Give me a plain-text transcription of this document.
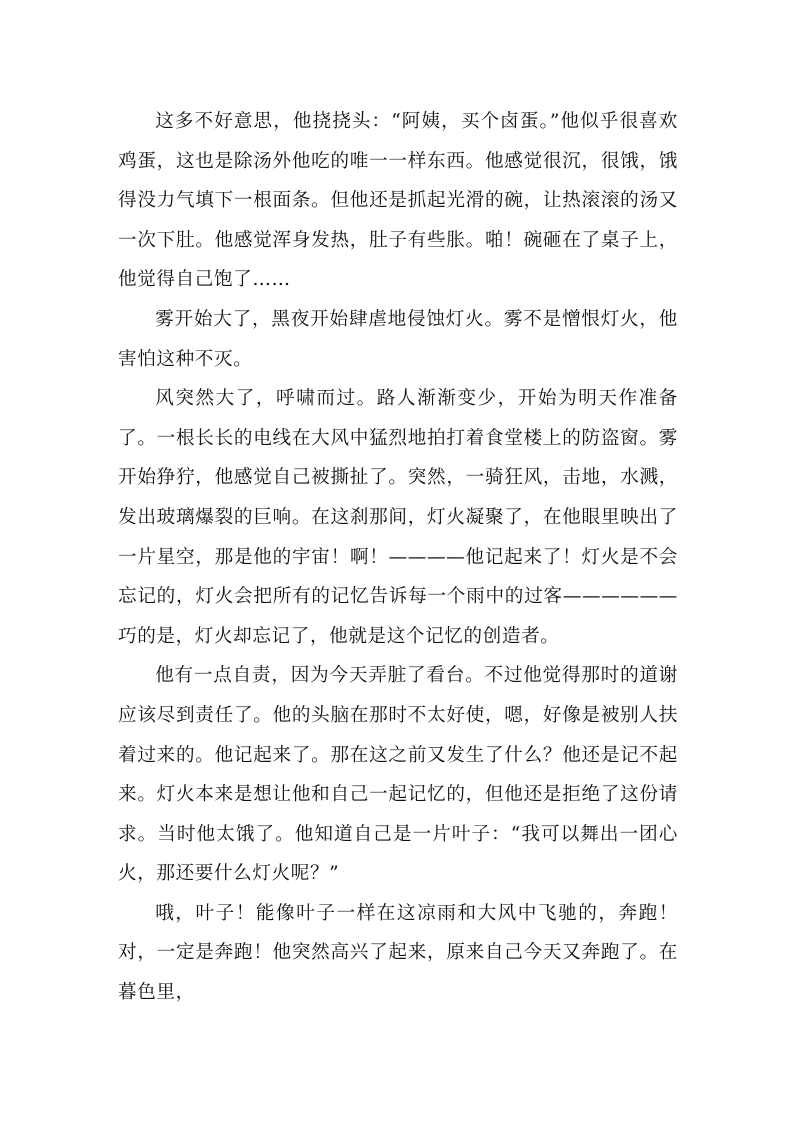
这多不好意思，他挠挠头：“阿姨，买个卤蛋。”他似乎很喜欢鸡蛋，这也是除汤外他吃的唯一一样东西。他感觉很沉，很饿，饿得没力气填下一根面条。但他还是抓起光滑的碗，让热滚滚的汤又一次下肚。他感觉浑身发热，肚子有些胀。啪！碗砸在了桌子上，他觉得自己饱了……

雾开始大了，黑夜开始肆虐地侵蚀灯火。雾不是憎恨灯火，他害怕这种不灭。

风突然大了，呼啸而过。路人渐渐变少，开始为明天作准备了。一根长长的电线在大风中猛烈地拍打着食堂楼上的防盗窗。雾开始狰狞，他感觉自己被撕扯了。突然，一骑狂风，击地，水溅，发出玻璃爆裂的巨响。在这刹那间，灯火凝聚了，在他眼里映出了一片星空，那是他的宇宙！啊！————他记起来了！灯火是不会忘记的，灯火会把所有的记忆告诉每一个雨中的过客——————巧的是，灯火却忘记了，他就是这个记忆的创造者。

他有一点自责，因为今天弄脏了看台。不过他觉得那时的道谢应该尽到责任了。他的头脑在那时不太好使，嗯，好像是被别人扶着过来的。他记起来了。那在这之前又发生了什么？他还是记不起来。灯火本来是想让他和自己一起记忆的，但他还是拒绝了这份请求。当时他太饿了。他知道自己是一片叶子：“我可以舞出一团心火，那还要什么灯火呢？”

哦，叶子！能像叶子一样在这凉雨和大风中飞驰的，奔跑！对，一定是奔跑！他突然高兴了起来，原来自己今天又奔跑了。在暮色里，
